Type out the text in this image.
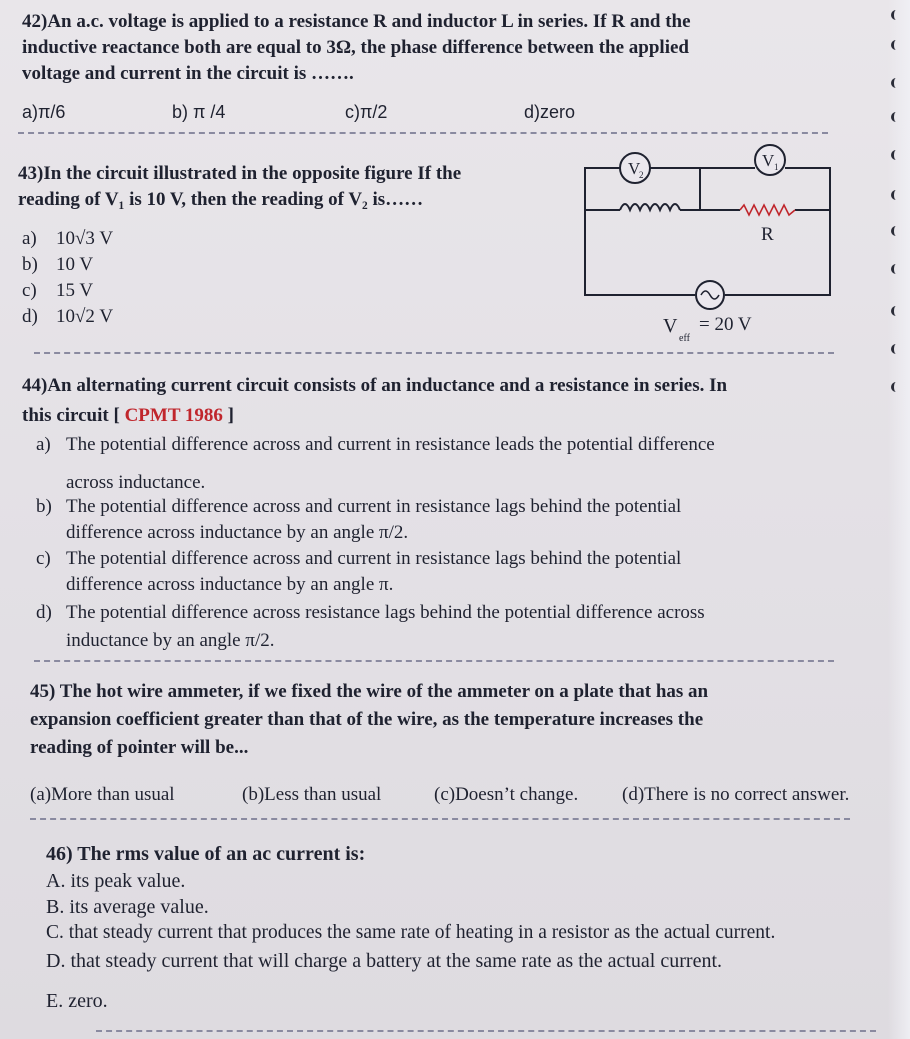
42)An a.c. voltage is applied to a resistance R and inductor L in series. If R and the
inductive reactance both are equal to 3Ω, the phase difference between the applied
voltage and current in the circuit is …….
a)π/6	b) π /4	c)π/2	d)zero
43)In the circuit illustrated in the opposite figure If the
reading of V₁ is 10 V, then the reading of V₂ is……
a) 10√3 V
b) 10 V
c) 15 V
d) 10√2 V
V
2
V 1
R
V
eff
= 20 V
44)An alternating current circuit consists of an inductance and a resistance in series. In
this circuit [ CPMT 1986 ]
a) The potential difference across and current in resistance leads the potential difference
across inductance.
b) The potential difference across and current in resistance lags behind the potential
difference across inductance by an angle π/2.
c) The potential difference across and current in resistance lags behind the potential
difference across inductance by an angle π.
d) The potential difference across resistance lags behind the potential difference across
inductance by an angle π/2.
45) The hot wire ammeter, if we fixed the wire of the ammeter on a plate that has an
expansion coefficient greater than that of the wire, as the temperature increases the
reading of pointer will be...
(a)More than usual	(b)Less than usual	(c)Doesn’t change. (d)There is no correct answer.
46) The rms value of an ac current is:
A. its peak value.
B. its average value.
C. that steady current that produces the same rate of heating in a resistor as the actual current.
D. that steady current that will charge a battery at the same rate as the actual current.
E. zero.
